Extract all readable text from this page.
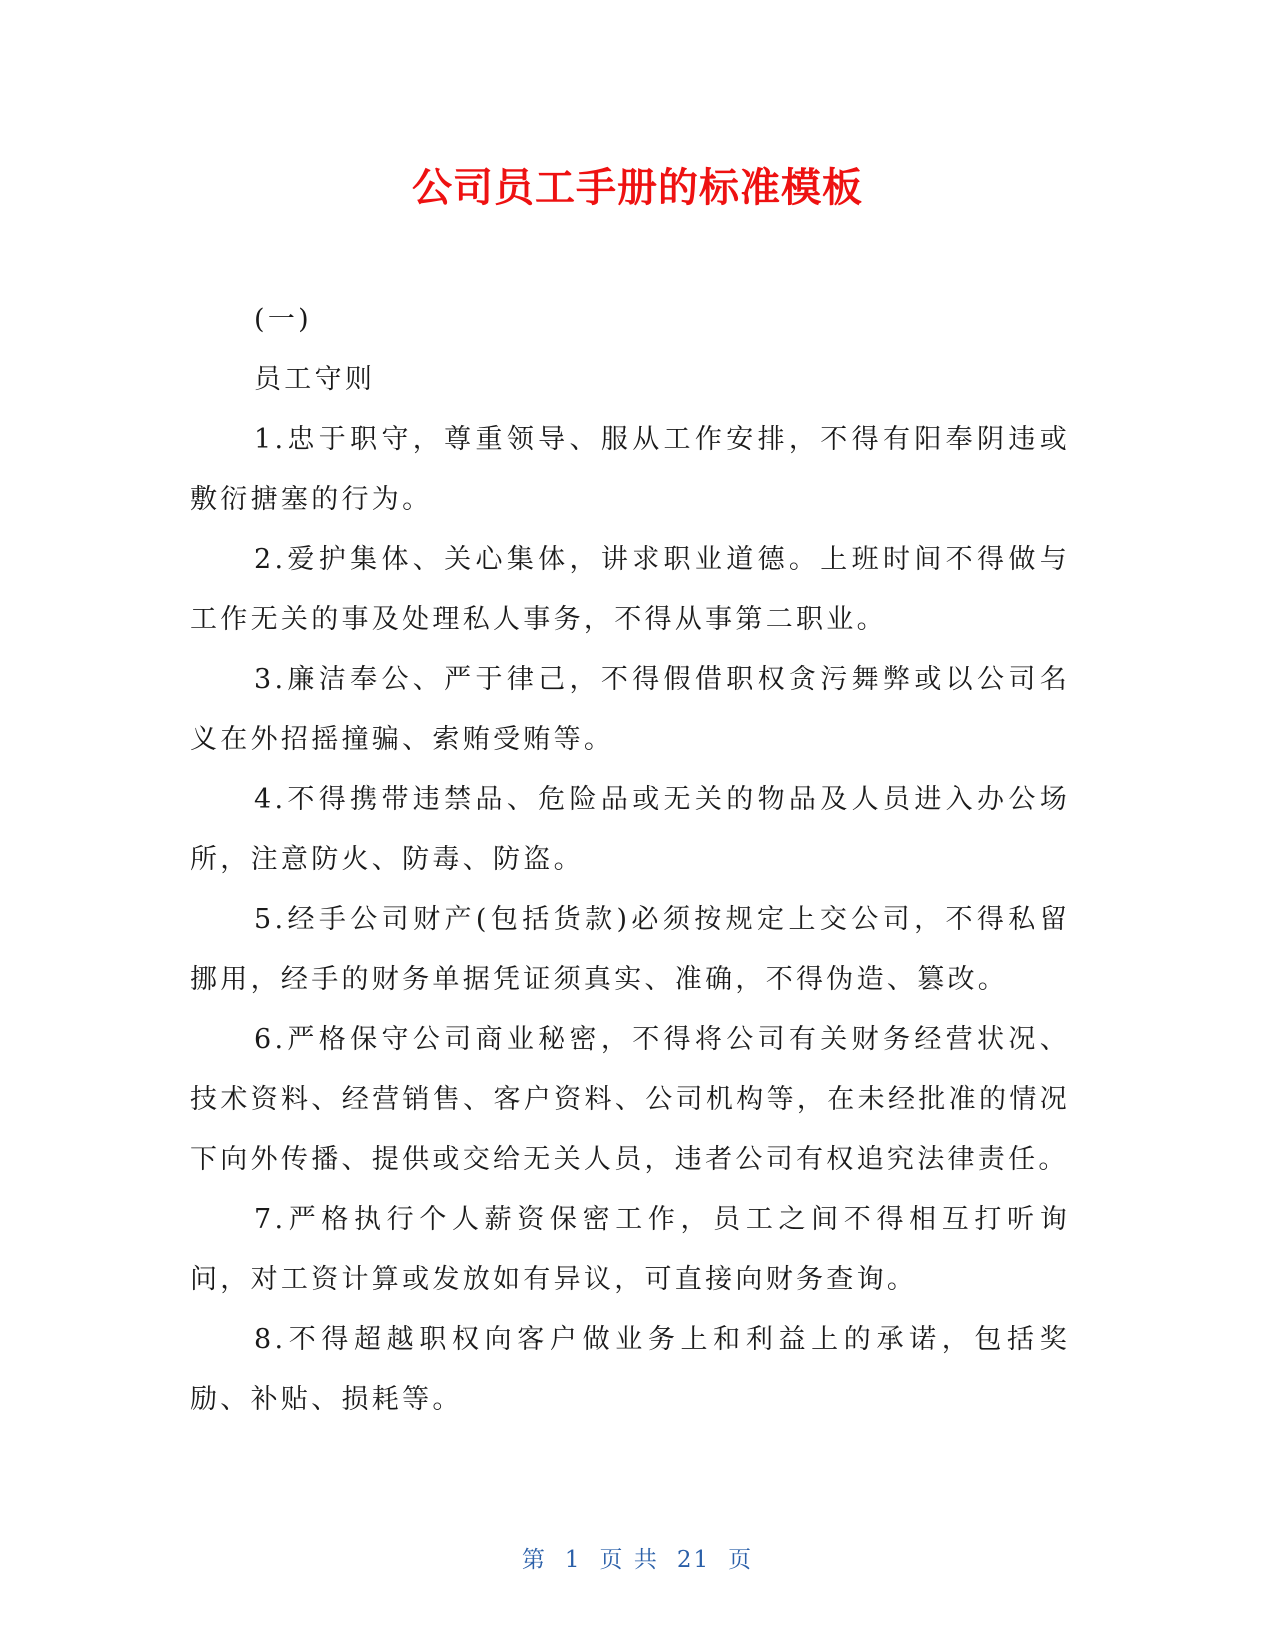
公司员工手册的标准模板

(一)

员工守则

1.忠于职守，尊重领导、服从工作安排，不得有阳奉阴违或敷衍搪塞的行为。

2.爱护集体、关心集体，讲求职业道德。上班时间不得做与工作无关的事及处理私人事务，不得从事第二职业。

3.廉洁奉公、严于律己，不得假借职权贪污舞弊或以公司名义在外招摇撞骗、索贿受贿等。

4.不得携带违禁品、危险品或无关的物品及人员进入办公场所，注意防火、防毒、防盗。

5.经手公司财产(包括货款)必须按规定上交公司，不得私留挪用，经手的财务单据凭证须真实、准确，不得伪造、篡改。

6.严格保守公司商业秘密，不得将公司有关财务经营状况、技术资料、经营销售、客户资料、公司机构等，在未经批准的情况下向外传播、提供或交给无关人员，违者公司有权追究法律责任。

7.严格执行个人薪资保密工作，员工之间不得相互打听询问，对工资计算或发放如有异议，可直接向财务查询。

8.不得超越职权向客户做业务上和利益上的承诺，包括奖励、补贴、损耗等。

第 1 页 共 21 页
